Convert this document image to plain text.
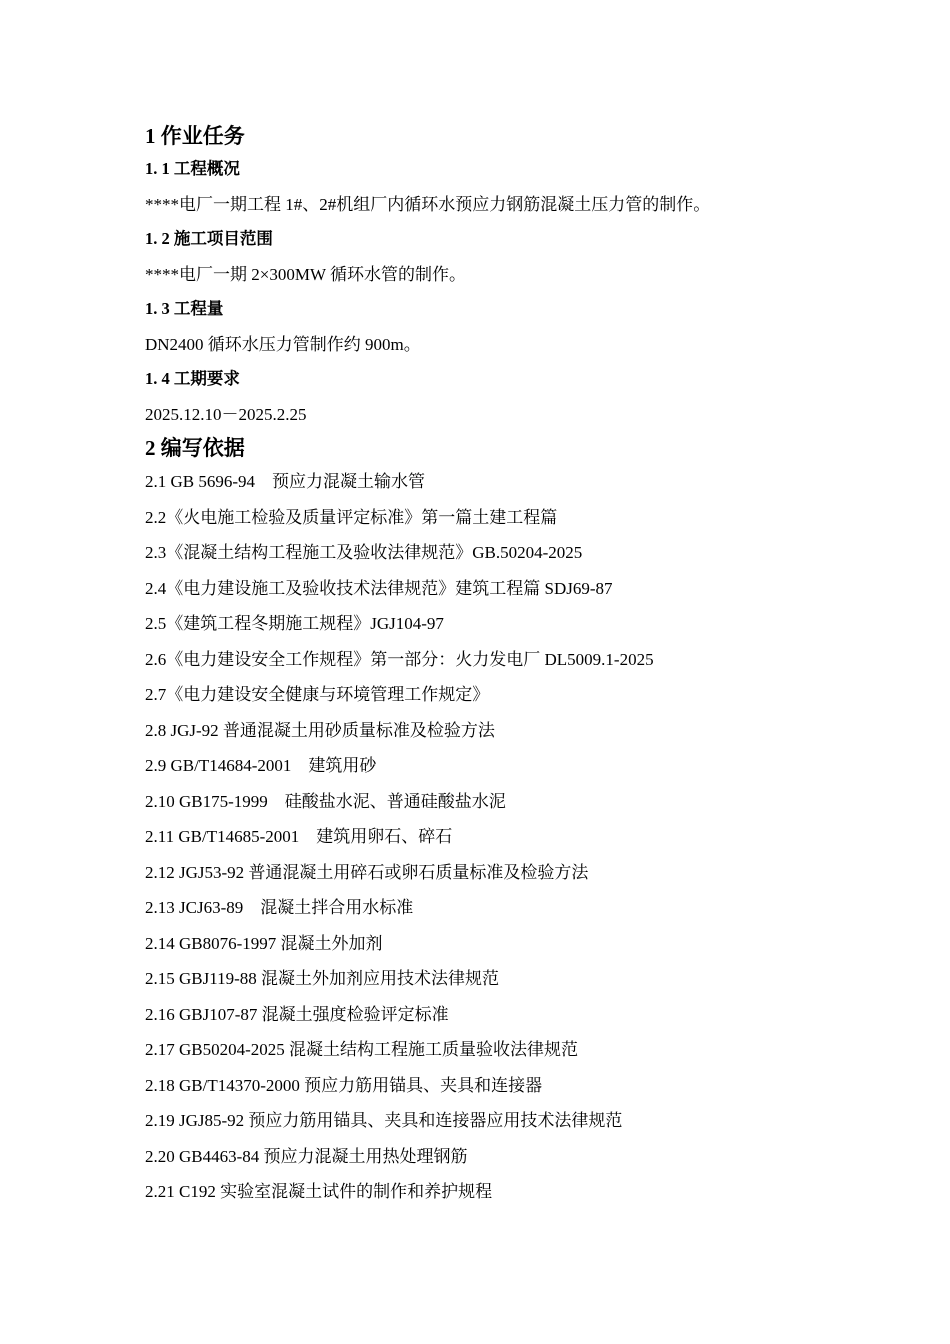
1 作业任务
1. 1 工程概况
****电厂一期工程 1#、2#机组厂内循环水预应力钢筋混凝土压力管的制作。
1. 2 施工项目范围
****电厂一期 2×300MW 循环水管的制作。
1. 3 工程量
DN2400 循环水压力管制作约 900m。
1. 4 工期要求
2025.12.10－2025.2.25
2 编写依据
2.1 GB 5696-94　预应力混凝土输水管
2.2《火电施工检验及质量评定标准》第一篇土建工程篇
2.3《混凝土结构工程施工及验收法律规范》GB.50204-2025
2.4《电力建设施工及验收技术法律规范》建筑工程篇 SDJ69-87
2.5《建筑工程冬期施工规程》JGJ104-97
2.6《电力建设安全工作规程》第一部分：火力发电厂 DL5009.1-2025
2.7《电力建设安全健康与环境管理工作规定》
2.8 JGJ-92 普通混凝土用砂质量标准及检验方法
2.9 GB/T14684-2001　建筑用砂
2.10 GB175-1999　硅酸盐水泥、普通硅酸盐水泥
2.11 GB/T14685-2001　建筑用卵石、碎石
2.12 JGJ53-92 普通混凝土用碎石或卵石质量标准及检验方法
2.13 JCJ63-89　混凝土拌合用水标准
2.14 GB8076-1997 混凝土外加剂
2.15 GBJ119-88 混凝土外加剂应用技术法律规范
2.16 GBJ107-87 混凝土强度检验评定标准
2.17 GB50204-2025 混凝土结构工程施工质量验收法律规范
2.18 GB/T14370-2000 预应力筋用锚具、夹具和连接器
2.19 JGJ85-92 预应力筋用锚具、夹具和连接器应用技术法律规范
2.20 GB4463-84 预应力混凝土用热处理钢筋
2.21 C192 实验室混凝土试件的制作和养护规程
